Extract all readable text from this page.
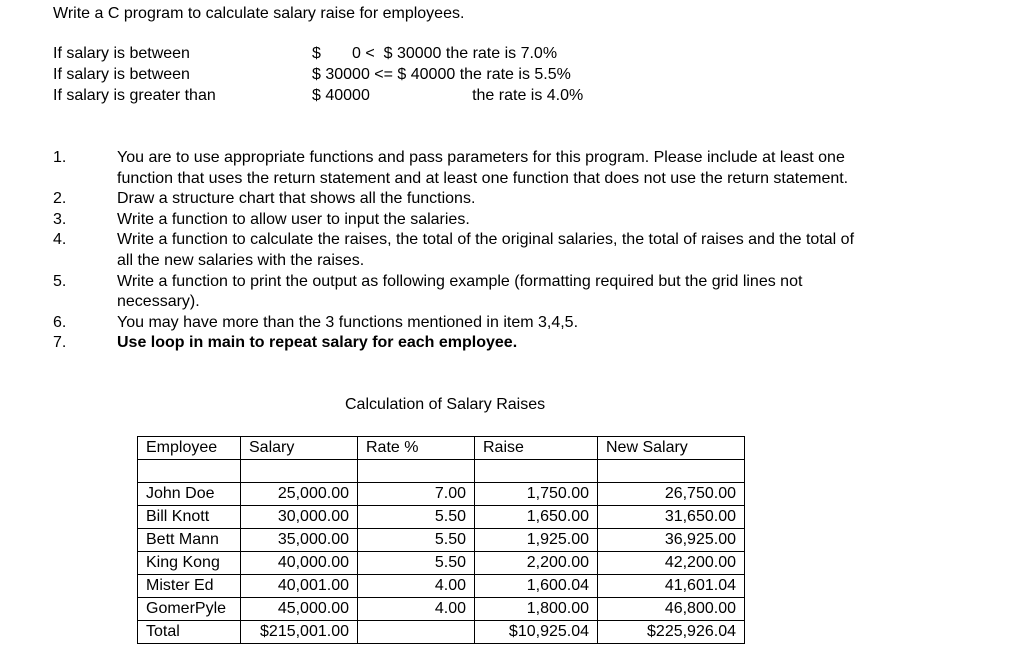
Write a C program to calculate salary raise for employees.
If salary is between	$       0 <  $ 30000 the rate is 7.0%
If salary is between	$ 30000 <= $ 40000 the rate is 5.5%
If salary is greater than	$ 40000                       the rate is 4.0%
1.	You are to use appropriate functions and pass parameters for this program. Please include at least one function that uses the return statement and at least one function that does not use the return statement.
2.	Draw a structure chart that shows all the functions.
3.	Write a function to allow user to input the salaries.
4.	Write a function to calculate the raises, the total of the original salaries, the total of raises and the total of all the new salaries with the raises.
5.	Write a function to print the output as following example (formatting required but the grid lines not necessary).
6.	You may have more than the 3 functions mentioned in item 3,4,5.
7.	Use loop in main to repeat salary for each employee.
Calculation of Salary Raises
Employee	Salary	Rate %	Raise	New Salary

John Doe	25,000.00	7.00	1,750.00	26,750.00
Bill Knott	30,000.00	5.50	1,650.00	31,650.00
Bett Mann	35,000.00	5.50	1,925.00	36,925.00
King Kong	40,000.00	5.50	2,200.00	42,200.00
Mister Ed	40,001.00	4.00	1,600.04	41,601.04
GomerPyle	45,000.00	4.00	1,800.00	46,800.00
Total	$215,001.00		$10,925.04	$225,926.04
